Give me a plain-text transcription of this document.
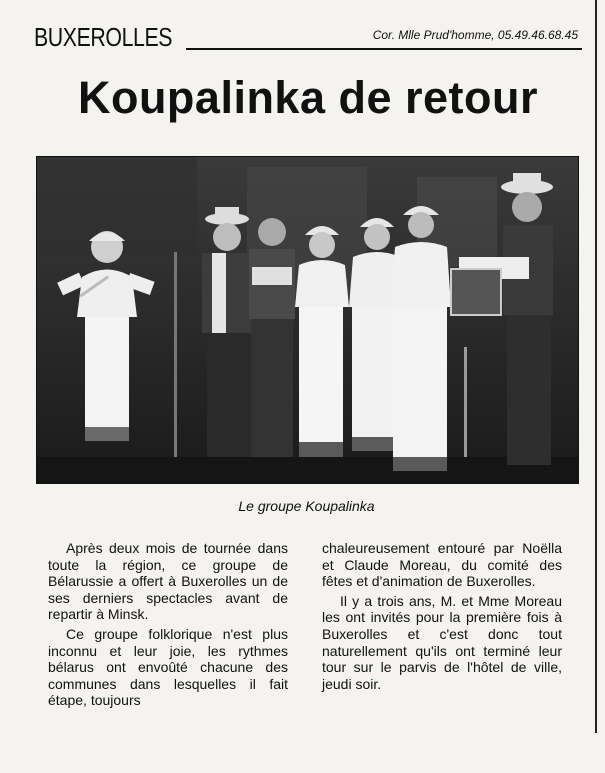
BUXEROLLES	Cor. Mlle Prud'homme, 05.49.46.68.45
Koupalinka de retour
Le groupe Koupalinka

Après deux mois de tournée dans toute la région, ce groupe de Bélarussie a offert à Buxerolles un de ses derniers spectacles avant de repartir à Minsk.

Ce groupe folklorique n'est plus inconnu et leur joie, les rythmes bélarus ont envoûté chacune des communes dans lesquelles il fait étape, toujours

chaleureusement entouré par Noëlla et Claude Moreau, du comité des fêtes et d'animation de Buxerolles.

Il y a trois ans, M. et Mme Moreau les ont invités pour la première fois à Buxerolles et c'est donc tout naturellement qu'ils ont terminé leur tour sur le parvis de l'hôtel de ville, jeudi soir.
